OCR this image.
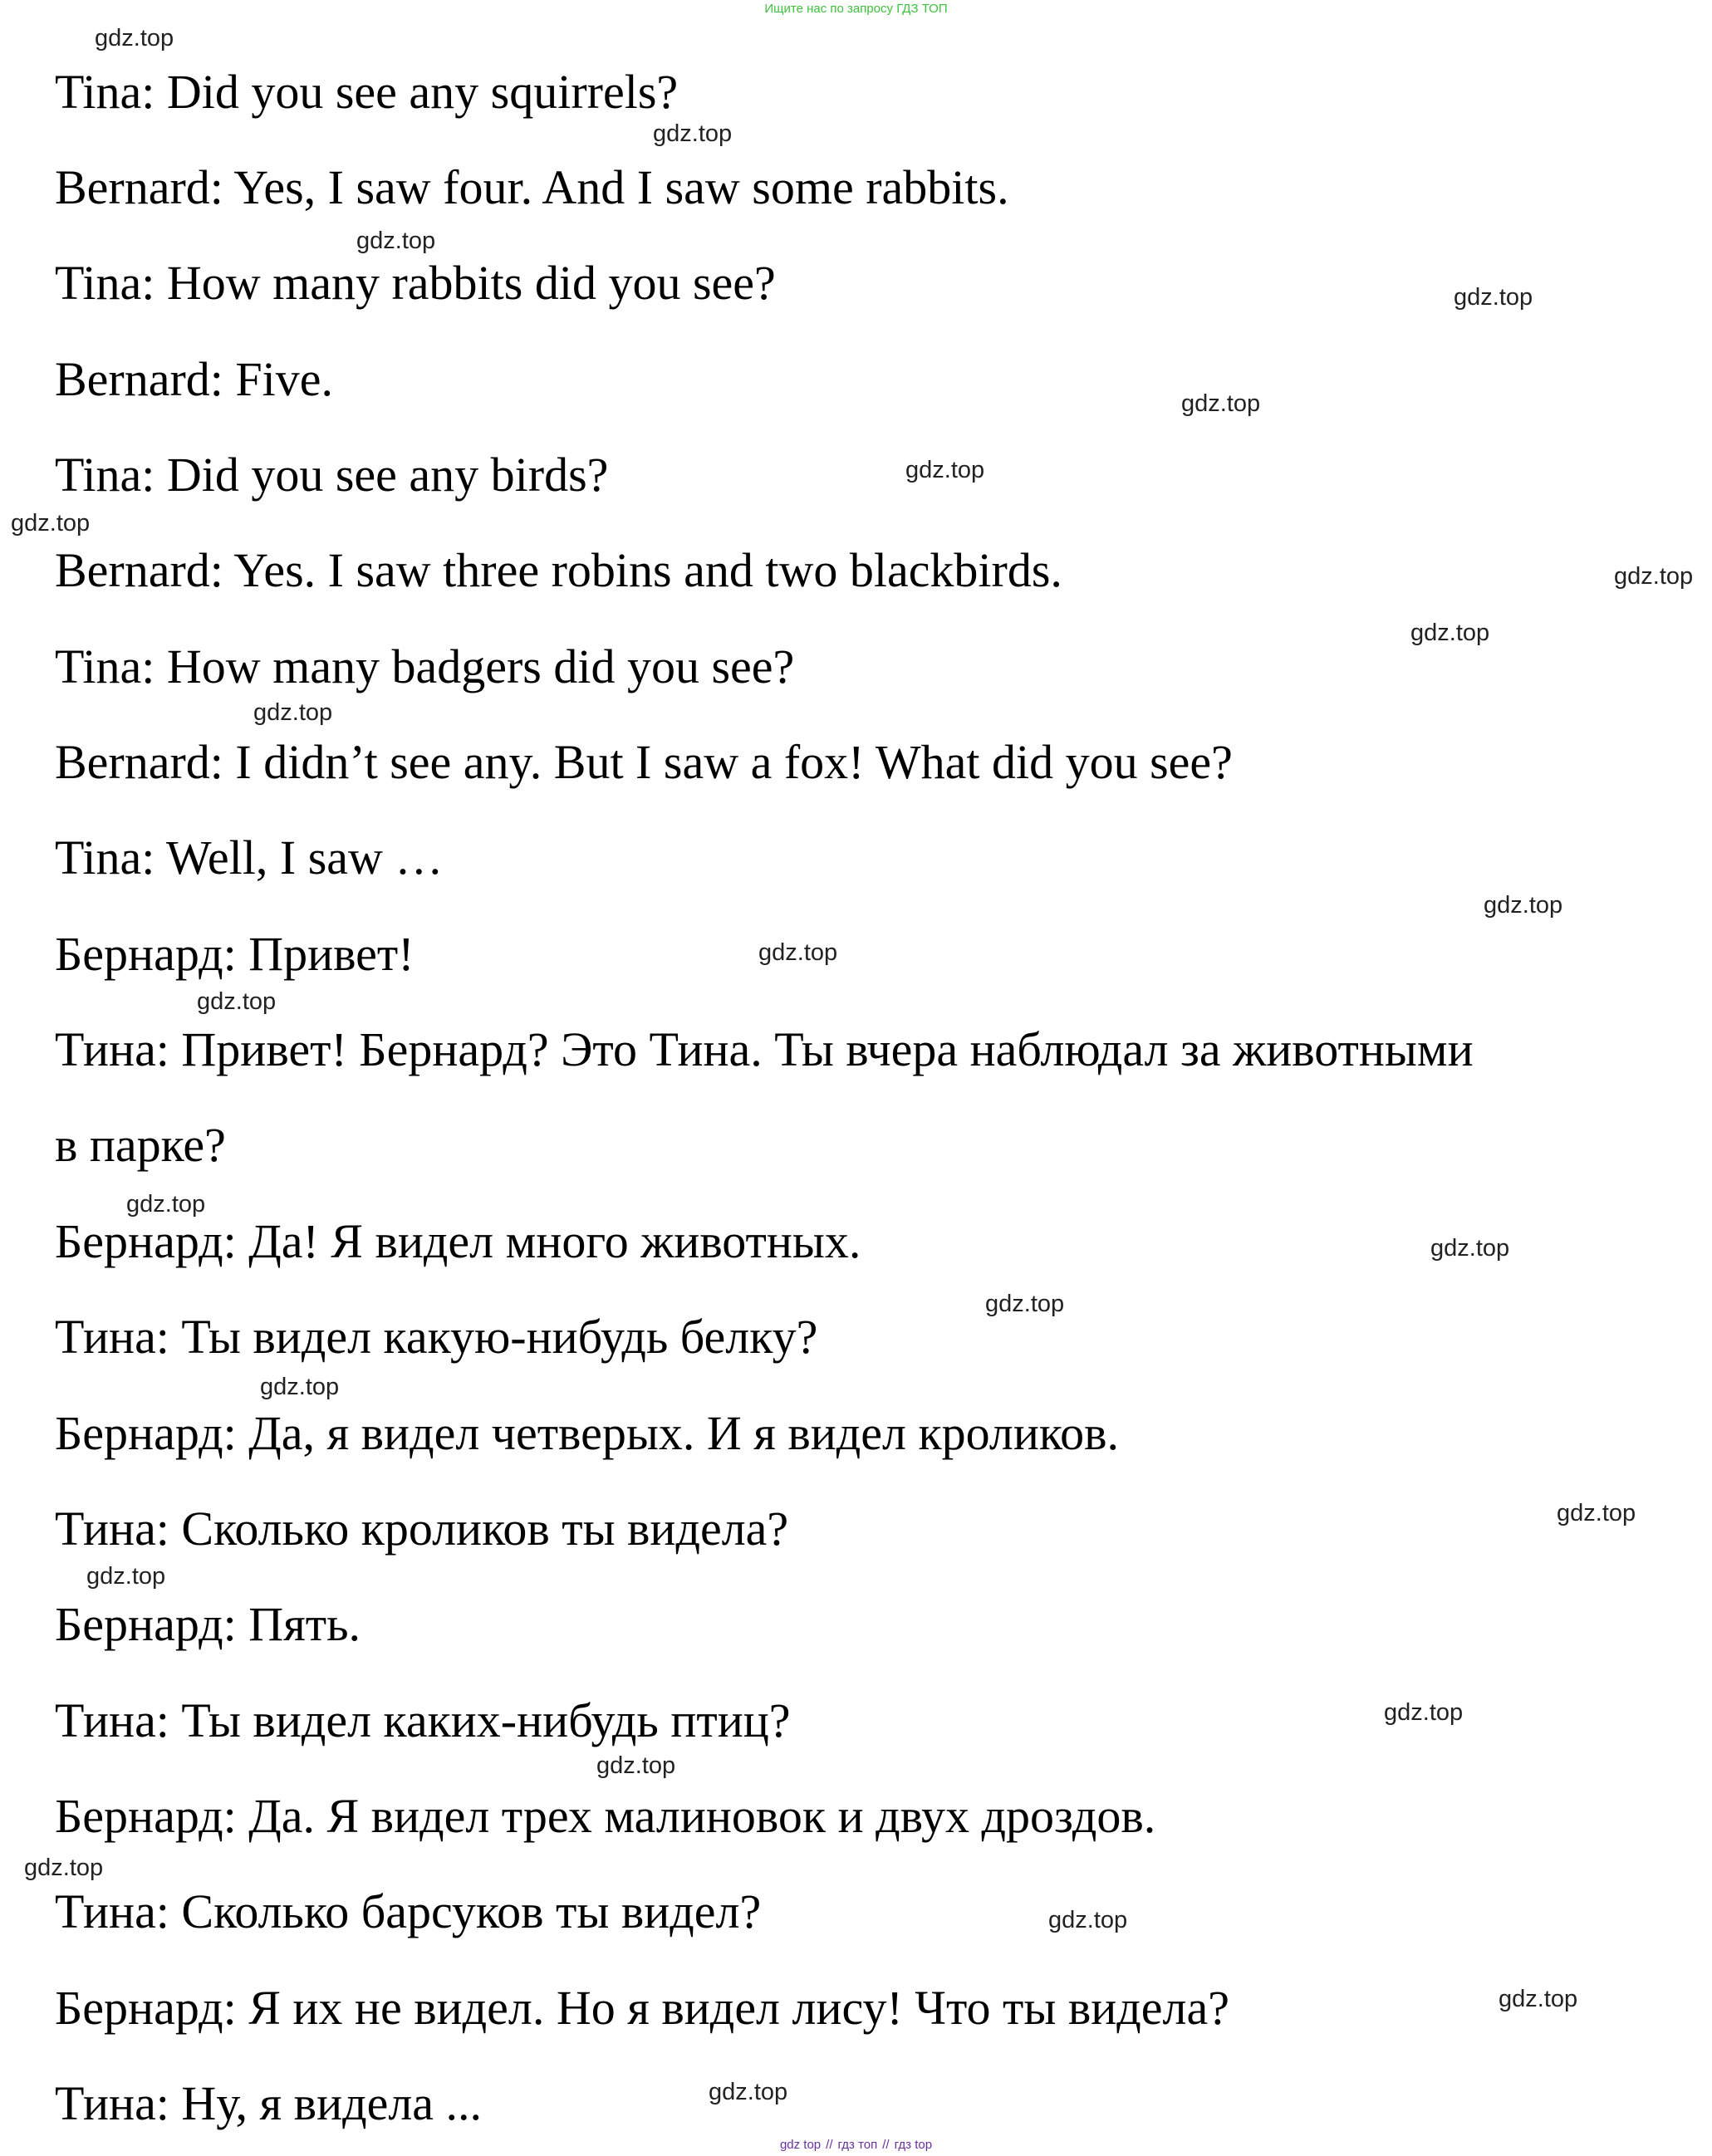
Ищите нас по запросу ГДЗ ТОП
Tina: Did you see any squirrels?
Bernard: Yes, I saw four. And I saw some rabbits.
Tina: How many rabbits did you see?
Bernard: Five.
Tina: Did you see any birds?
Bernard: Yes. I saw three robins and two blackbirds.
Tina: How many badgers did you see?
Bernard: I didn’t see any. But I saw a fox! What did you see?
Tina: Well, I saw …
Бернард: Привет!
Тина: Привет! Бернард? Это Тина. Ты вчера наблюдал за животными
в парке?
Бернард: Да! Я видел много животных.
Тина: Ты видел какую-нибудь белку?
Бернард: Да, я видел четверых. И я видел кроликов.
Тина: Сколько кроликов ты видела?
Бернард: Пять.
Тина: Ты видел каких-нибудь птиц?
Бернард: Да. Я видел трех малиновок и двух дроздов.
Тина: Сколько барсуков ты видел?
Бернард: Я их не видел. Но я видел лису! Что ты видела?
Тина: Ну, я видела ...
gdz.top
gdz.top
gdz.top
gdz.top
gdz.top
gdz.top
gdz.top
gdz.top
gdz.top
gdz.top
gdz.top
gdz.top
gdz.top
gdz.top
gdz.top
gdz.top
gdz.top
gdz.top
gdz.top
gdz.top
gdz.top
gdz.top
gdz.top
gdz.top
gdz.top
gdz top // гдз топ // гдз top
